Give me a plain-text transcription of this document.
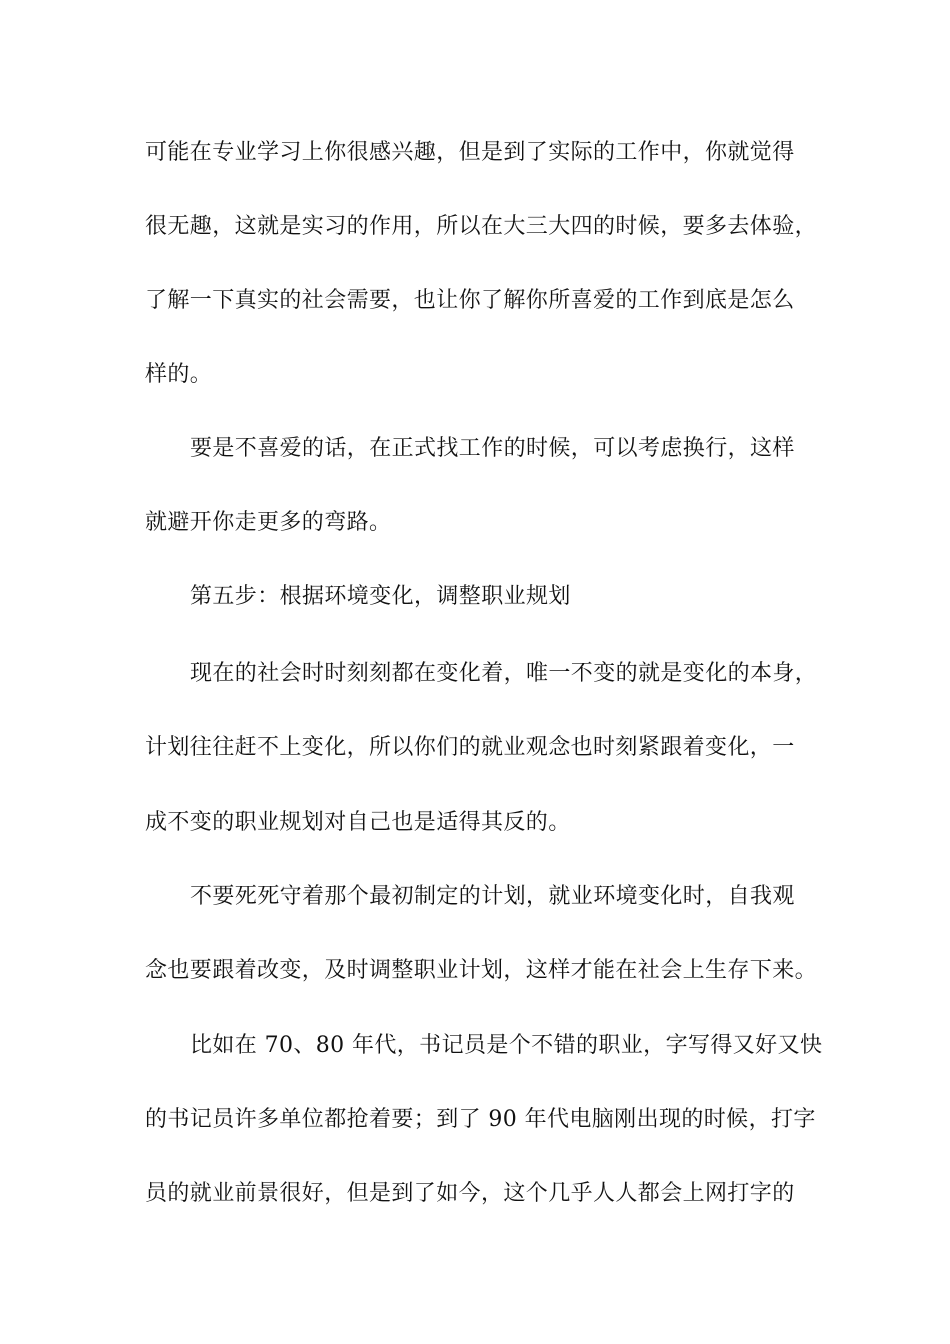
可能在专业学习上你很感兴趣，但是到了实际的工作中，你就觉得
很无趣，这就是实习的作用，所以在大三大四的时候，要多去体验，
了解一下真实的社会需要，也让你了解你所喜爱的工作到底是怎么
样的。
要是不喜爱的话，在正式找工作的时候，可以考虑换行，这样
就避开你走更多的弯路。
第五步：根据环境变化，调整职业规划
现在的社会时时刻刻都在变化着，唯一不变的就是变化的本身，
计划往往赶不上变化，所以你们的就业观念也时刻紧跟着变化，一
成不变的职业规划对自己也是适得其反的。
不要死死守着那个最初制定的计划，就业环境变化时，自我观
念也要跟着改变，及时调整职业计划，这样才能在社会上生存下来。
比如在 70、80 年代，书记员是个不错的职业，字写得又好又快
的书记员许多单位都抢着要；到了 90 年代电脑刚出现的时候，打字
员的就业前景很好，但是到了如今，这个几乎人人都会上网打字的
